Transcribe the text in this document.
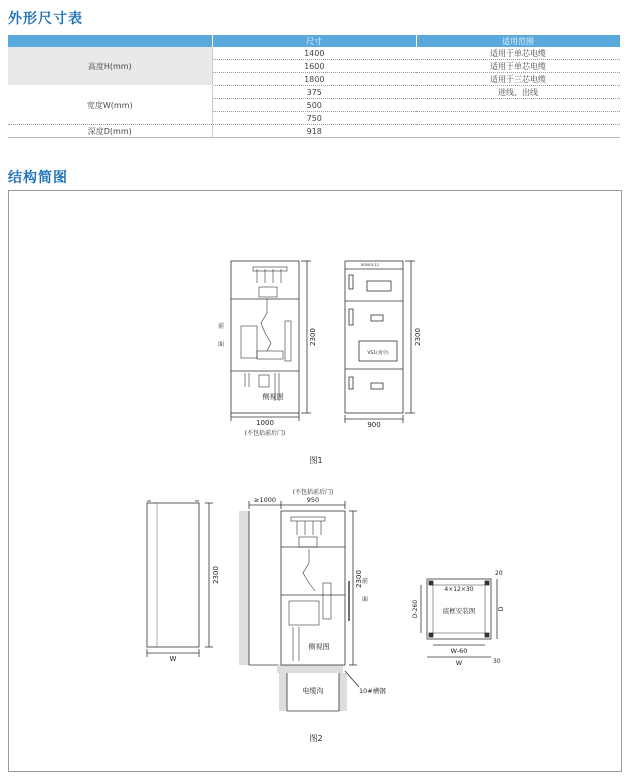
外形尺寸表
	尺寸	适用范围
高度H(mm)	1400	适用于单芯电缆
	1600	适用于单芯电缆
	1800	适用于三芯电缆
宽度W(mm)	375	进线、出线
	500	
	750	
深度D(mm)	918	
结构简图
侧视图
前
面	2300
1000
(不包括前后门)
XGN15-12
VS1(真空)
2300
900
图1
2300
W
侧视图
前
面
≥1000
(不包括前后门)
950
2300
电缆沟	10#槽钢
4×12×30
底框安装图
20
D-260	D
W-60
W	30
图2
